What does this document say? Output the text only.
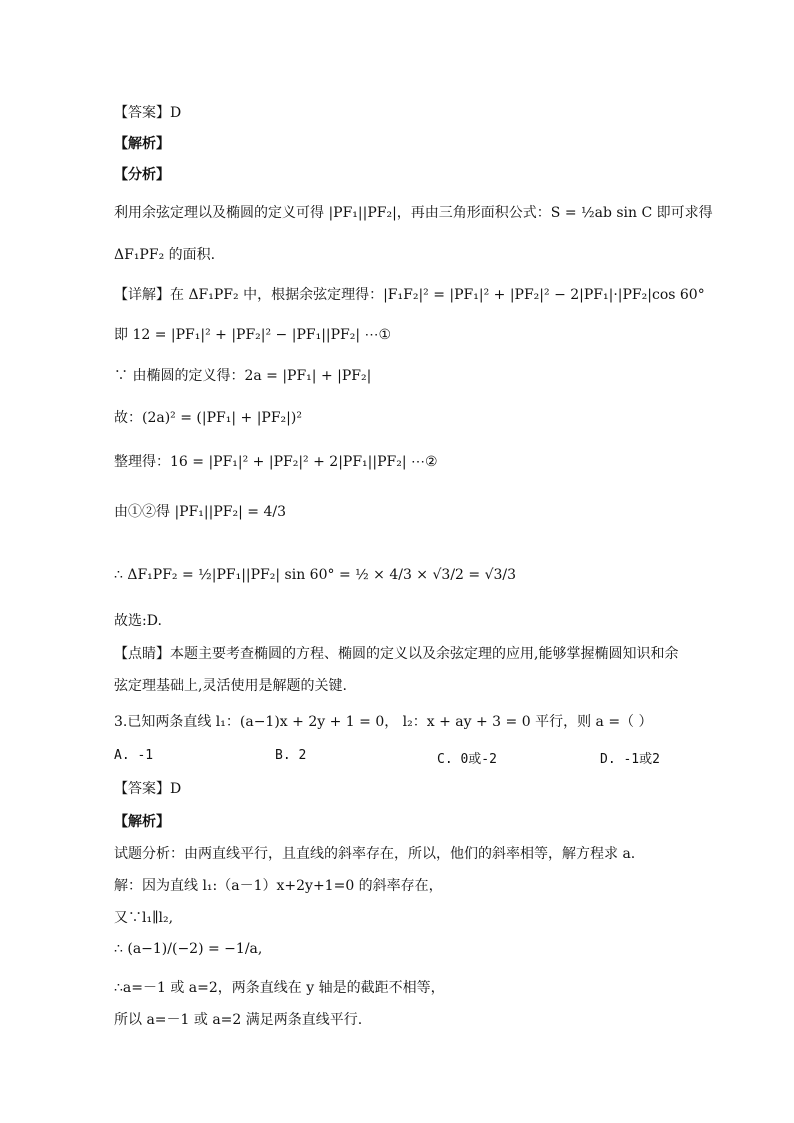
【答案】D
【解析】
【分析】
利用余弦定理以及椭圆的定义可得 |PF₁||PF₂|，再由三角形面积公式：S = ½ab sin C 即可求得
ΔF₁PF₂ 的面积.
【详解】在 ΔF₁PF₂ 中，根据余弦定理得：|F₁F₂|² = |PF₁|² + |PF₂|² − 2|PF₁|·|PF₂|cos 60°
即 12 = |PF₁|² + |PF₂|² − |PF₁||PF₂| ⋯①
∵ 由椭圆的定义得：2a = |PF₁| + |PF₂|
故：(2a)² = (|PF₁| + |PF₂|)²
整理得：16 = |PF₁|² + |PF₂|² + 2|PF₁||PF₂| ⋯②
由①②得 |PF₁||PF₂| = 4/3
∴ ΔF₁PF₂ = ½|PF₁||PF₂| sin 60° = ½ × 4/3 × √3/2 = √3/3
故选:D.
【点睛】本题主要考查椭圆的方程、椭圆的定义以及余弦定理的应用,能够掌握椭圆知识和余
弦定理基础上,灵活使用是解题的关键.
3.已知两条直线 l₁：(a−1)x + 2y + 1 = 0， l₂：x + ay + 3 = 0 平行，则 a =（ ）
A. -1	B. 2	C. 0或-2	D. -1或2
【答案】D
【解析】
试题分析：由两直线平行，且直线的斜率存在，所以，他们的斜率相等，解方程求 a.
解：因为直线 l₁:（a－1）x+2y+1=0 的斜率存在，
又∵l₁∥l₂,
∴ (a−1)/(−2) = −1/a,
∴a=－1 或 a=2，两条直线在 y 轴是的截距不相等，
所以 a=－1 或 a=2 满足两条直线平行.
